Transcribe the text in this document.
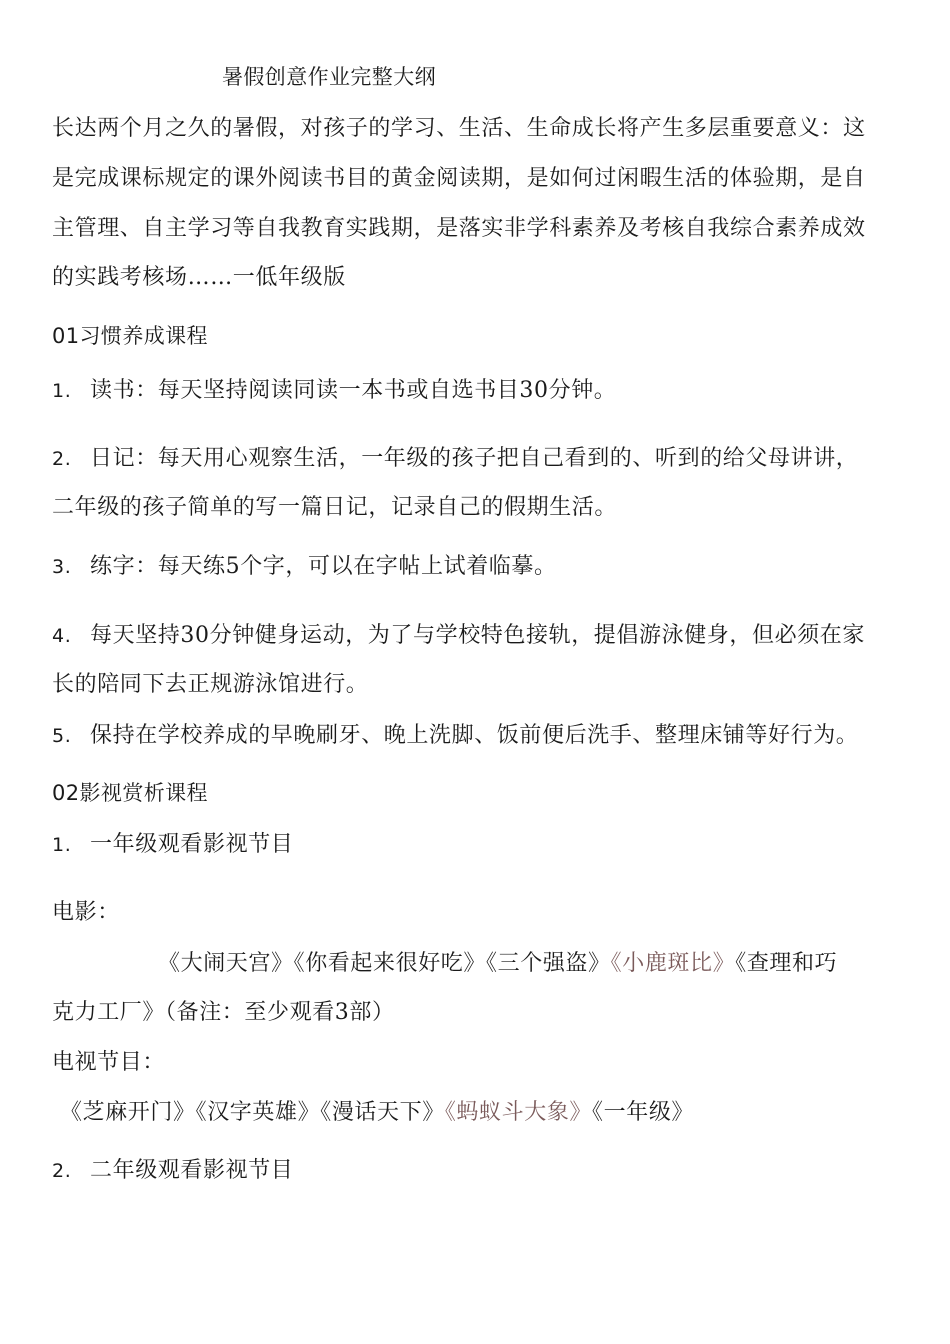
暑假创意作业完整大纲
长达两个月之久的暑假，对孩子的学习、生活、生命成长将产生多层重要意义：这
是完成课标规定的课外阅读书目的黄金阅读期，是如何过闲暇生活的体验期，是自
主管理、自主学习等自我教育实践期，是落实非学科素养及考核自我综合素养成效
的实践考核场……一低年级版
01习惯养成课程
1. 读书：每天坚持阅读同读一本书或自选书目30分钟。
2. 日记：每天用心观察生活，一年级的孩子把自己看到的、听到的给父母讲讲，
二年级的孩子简单的写一篇日记，记录自己的假期生活。
3. 练字：每天练5个字，可以在字帖上试着临摹。
4. 每天坚持30分钟健身运动，为了与学校特色接轨，提倡游泳健身，但必须在家
长的陪同下去正规游泳馆进行。
5. 保持在学校养成的早晚刷牙、晚上洗脚、饭前便后洗手、整理床铺等好行为。
02影视赏析课程
1. 一年级观看影视节目
电影：
《大闹天宫》《你看起来很好吃》《三个强盗》《小鹿斑比》《查理和巧
克力工厂》（备注：至少观看3部）
电视节目：
《芝麻开门》《汉字英雄》《漫话天下》《蚂蚁斗大象》《一年级》
2. 二年级观看影视节目
